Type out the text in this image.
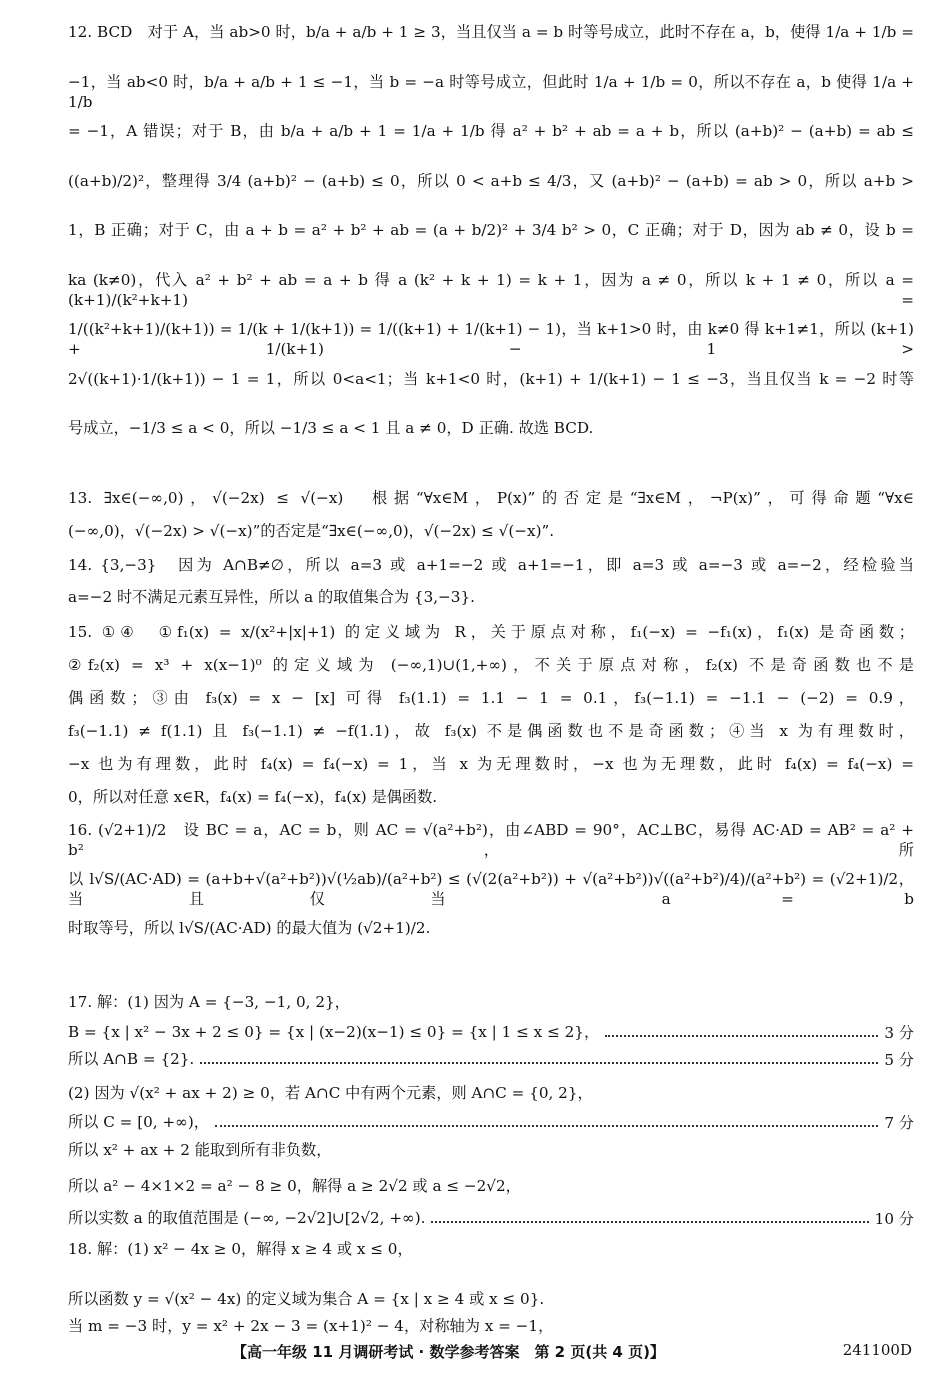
12. BCD　对于 A，当 ab>0 时，b/a + a/b + 1 ≥ 3，当且仅当 a = b 时等号成立，此时不存在 a，b，使得 1/a + 1/b =
−1，当 ab<0 时，b/a + a/b + 1 ≤ −1，当 b = −a 时等号成立，但此时 1/a + 1/b = 0，所以不存在 a，b 使得 1/a + 1/b
= −1，A 错误；对于 B，由 b/a + a/b + 1 = 1/a + 1/b 得 a² + b² + ab = a + b，所以 (a+b)² − (a+b) = ab ≤
((a+b)/2)²，整理得 3/4 (a+b)² − (a+b) ≤ 0，所以 0 < a+b ≤ 4/3，又 (a+b)² − (a+b) = ab > 0，所以 a+b >
1，B 正确；对于 C，由 a + b = a² + b² + ab = (a + b/2)² + 3/4 b² > 0，C 正确；对于 D，因为 ab ≠ 0，设 b =
ka (k≠0)，代入 a² + b² + ab = a + b 得 a (k² + k + 1) = k + 1，因为 a ≠ 0，所以 k + 1 ≠ 0，所以 a = (k+1)/(k²+k+1) =
1/((k²+k+1)/(k+1)) = 1/(k + 1/(k+1)) = 1/((k+1) + 1/(k+1) − 1)，当 k+1>0 时，由 k≠0 得 k+1≠1，所以 (k+1) + 1/(k+1) − 1 >
2√((k+1)·1/(k+1)) − 1 = 1，所以 0<a<1；当 k+1<0 时，(k+1) + 1/(k+1) − 1 ≤ −3，当且仅当 k = −2 时等
号成立，−1/3 ≤ a < 0，所以 −1/3 ≤ a < 1 且 a ≠ 0，D 正确. 故选 BCD.
13. ∃x∈(−∞,0)，√(−2x) ≤ √(−x)　根据“∀x∈M，P(x)”的否定是“∃x∈M，¬P(x)”，可得命题“∀x∈
(−∞,0)，√(−2x) > √(−x)”的否定是“∃x∈(−∞,0)，√(−2x) ≤ √(−x)”.
14. {3,−3}　因为 A∩B≠∅，所以 a=3 或 a+1=−2 或 a+1=−1，即 a=3 或 a=−3 或 a=−2，经检验当
a=−2 时不满足元素互异性，所以 a 的取值集合为 {3,−3}.
15. ①④　①f₁(x) = x/(x²+|x|+1) 的定义域为 R，关于原点对称，f₁(−x) = −f₁(x)，f₁(x) 是奇函数；
②f₂(x) = x³ + x(x−1)⁰ 的定义域为 (−∞,1)∪(1,+∞)，不关于原点对称，f₂(x) 不是奇函数也不是
偶函数；③由 f₃(x) = x − [x] 可得 f₃(1.1) = 1.1 − 1 = 0.1，f₃(−1.1) = −1.1 − (−2) = 0.9，
f₃(−1.1) ≠ f(1.1) 且 f₃(−1.1) ≠ −f(1.1)，故 f₃(x) 不是偶函数也不是奇函数；④当 x 为有理数时，
−x 也为有理数，此时 f₄(x) = f₄(−x) = 1，当 x 为无理数时，−x 也为无理数，此时 f₄(x) = f₄(−x) =
0，所以对任意 x∈R，f₄(x) = f₄(−x)，f₄(x) 是偶函数.
16. (√2+1)/2　设 BC = a，AC = b，则 AC = √(a²+b²)，由∠ABD = 90°，AC⊥BC，易得 AC·AD = AB² = a² + b²，所
以 l√S/(AC·AD) = (a+b+√(a²+b²))√(½ab)/(a²+b²) ≤ (√(2(a²+b²)) + √(a²+b²))√((a²+b²)/4)/(a²+b²) = (√2+1)/2，当且仅当 a = b
时取等号，所以 l√S/(AC·AD) 的最大值为 (√2+1)/2.
17. 解：(1) 因为 A = {−3, −1, 0, 2}，
所以函数 y = √(x² − 4x) 的定义域为集合 A = {x | x ≥ 4 或 x ≤ 0}.
当 m = −3 时，y = x² + 2x − 3 = (x+1)² − 4，对称轴为 x = −1，
B = {x | x² − 3x + 2 ≤ 0} = {x | (x−2)(x−1) ≤ 0} = {x | 1 ≤ x ≤ 2}，	3 分
所以 A∩B = {2}.	5 分
(2) 因为 √(x² + ax + 2) ≥ 0，若 A∩C 中有两个元素，则 A∩C = {0, 2}，
所以 C = [0, +∞)，	7 分
所以 x² + ax + 2 能取到所有非负数，
所以 a² − 4×1×2 = a² − 8 ≥ 0，解得 a ≥ 2√2 或 a ≤ −2√2，
所以实数 a 的取值范围是 (−∞, −2√2]∪[2√2, +∞).	10 分
18. 解：(1) x² − 4x ≥ 0，解得 x ≥ 4 或 x ≤ 0，
【高一年级 11 月调研考试 · 数学参考答案　第 2 页(共 4 页)】	241100D
